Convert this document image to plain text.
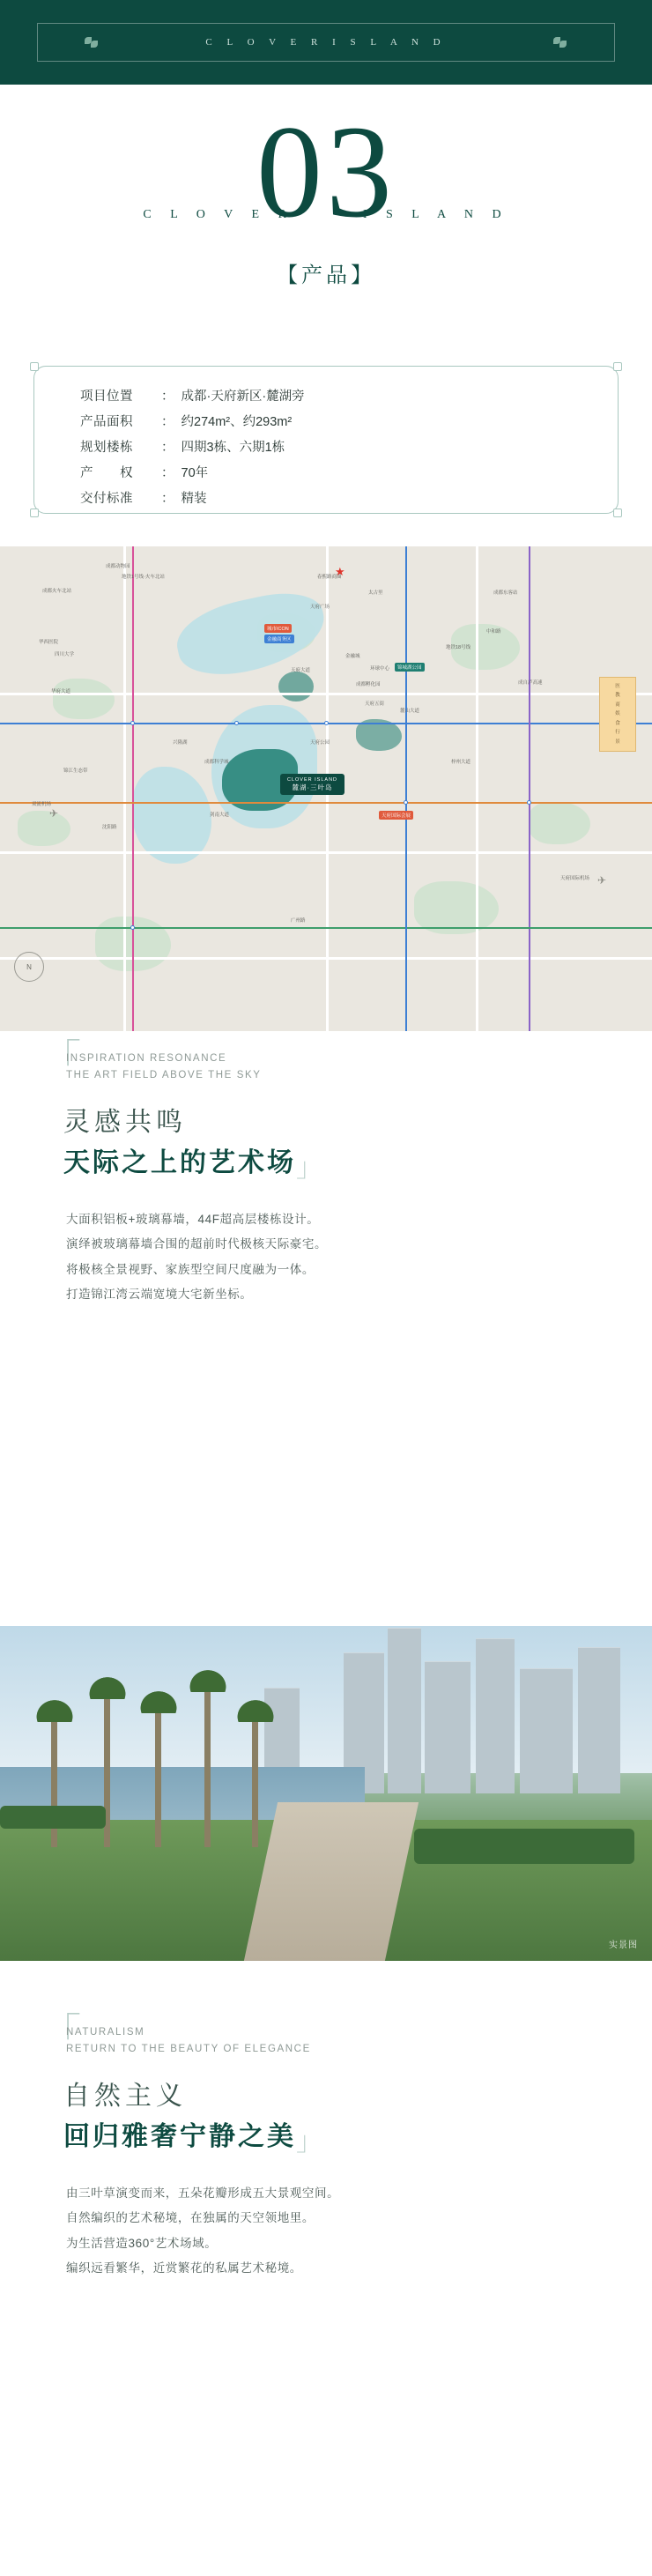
C L O V E R I S L A N D
03
C L O V E R	I S L A N D
【产品】
项目位置	： 成都·天府新区·麓湖旁
产品面积	： 约274m²、约293m²
规划楼栋	： 四期3栋、六期1栋
产　　权	： 70年
交付标准	： 精装
★
城市ICON
金融商务区
锦城湖公园
天府国际会展
CLOVER ISLAND
麓湖·三叶岛
医
教
商
娱
食
行
景
N
✈
✈
成都动物园
地铁1号线·火车北站
成都火车北站
春熙路商圈
太古里
天府广场
成都东客站
华西医院
四川大学	金融城
环球中心
成都孵化园
天府五街
天府公园
成都科学城
兴隆湖
双流机场
天府国际机场
广州路
锦江生态带
麓山大道
华府大道
沈阳路
剑南大道
地铁18号线
中和路
成自泸高速
天府大道
梓州大道
「
INSPIRATION RESONANCE
THE ART FIELD ABOVE THE SKY
灵感共鸣
天际之上的艺术场」
大面积铝板+玻璃幕墙，44F超高层楼栋设计。
演绎被玻璃幕墙合围的超前时代极核天际豪宅。
将极核全景视野、家族型空间尺度融为一体。
打造锦江湾云端宽境大宅新坐标。
实景图
「
NATURALISM
RETURN TO THE BEAUTY OF ELEGANCE
自然主义
回归雅奢宁静之美」
由三叶草演变而来，五朵花瓣形成五大景观空间。
自然编织的艺术秘境，在独属的天空领地里。
为生活营造360°艺术场域。
编织远看繁华，近赏繁花的私属艺术秘境。
